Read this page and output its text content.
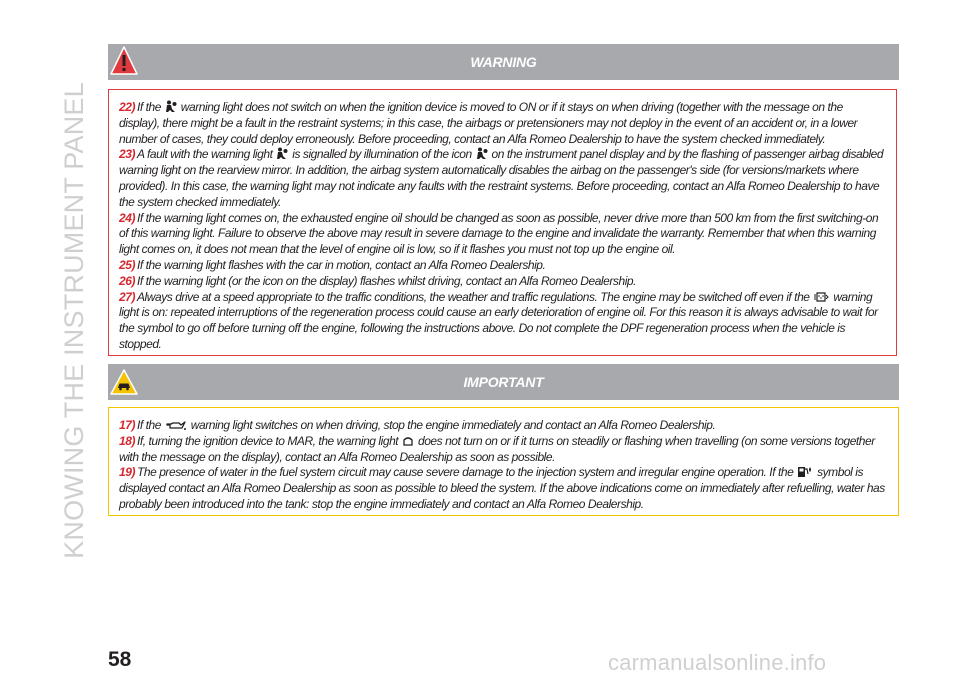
KNOWING THE INSTRUMENT PANEL
WARNING

22) If the warning light does not switch on when the ignition device is moved to ON or if it stays on when driving (together with the message on the display), there might be a fault in the restraint systems; in this case, the airbags or pretensioners may not deploy in the event of an accident or, in a lower number of cases, they could deploy erroneously. Before proceeding, contact an Alfa Romeo Dealership to have the system checked immediately.

23) A fault with the warning light is signalled by illumination of the icon on the instrument panel display and by the flashing of passenger airbag disabled warning light on the rearview mirror. In addition, the airbag system automatically disables the airbag on the passenger's side (for versions/markets where provided). In this case, the warning light may not indicate any faults with the restraint systems. Before proceeding, contact an Alfa Romeo Dealership to have the system checked immediately.

24) If the warning light comes on, the exhausted engine oil should be changed as soon as possible, never drive more than 500 km from the first switching-on of this warning light. Failure to observe the above may result in severe damage to the engine and invalidate the warranty. Remember that when this warning light comes on, it does not mean that the level of engine oil is low, so if it flashes you must not top up the engine oil.

25) If the warning light flashes with the car in motion, contact an Alfa Romeo Dealership.

26) If the warning light (or the icon on the display) flashes whilst driving, contact an Alfa Romeo Dealership.

27) Always drive at a speed appropriate to the traffic conditions, the weather and traffic regulations. The engine may be switched off even if the warning light is on: repeated interruptions of the regeneration process could cause an early deterioration of engine oil. For this reason it is always advisable to wait for the symbol to go off before turning off the engine, following the instructions above. Do not complete the DPF regeneration process when the vehicle is stopped.

IMPORTANT

17) If the warning light switches on when driving, stop the engine immediately and contact an Alfa Romeo Dealership.

18) If, turning the ignition device to MAR, the warning light does not turn on or if it turns on steadily or flashing when travelling (on some versions together with the message on the display), contact an Alfa Romeo Dealership as soon as possible.

19) The presence of water in the fuel system circuit may cause severe damage to the injection system and irregular engine operation. If the symbol is displayed contact an Alfa Romeo Dealership as soon as possible to bleed the system. If the above indications come on immediately after refuelling, water has probably been introduced into the tank: stop the engine immediately and contact an Alfa Romeo Dealership.

58	carmanualsonline.info
